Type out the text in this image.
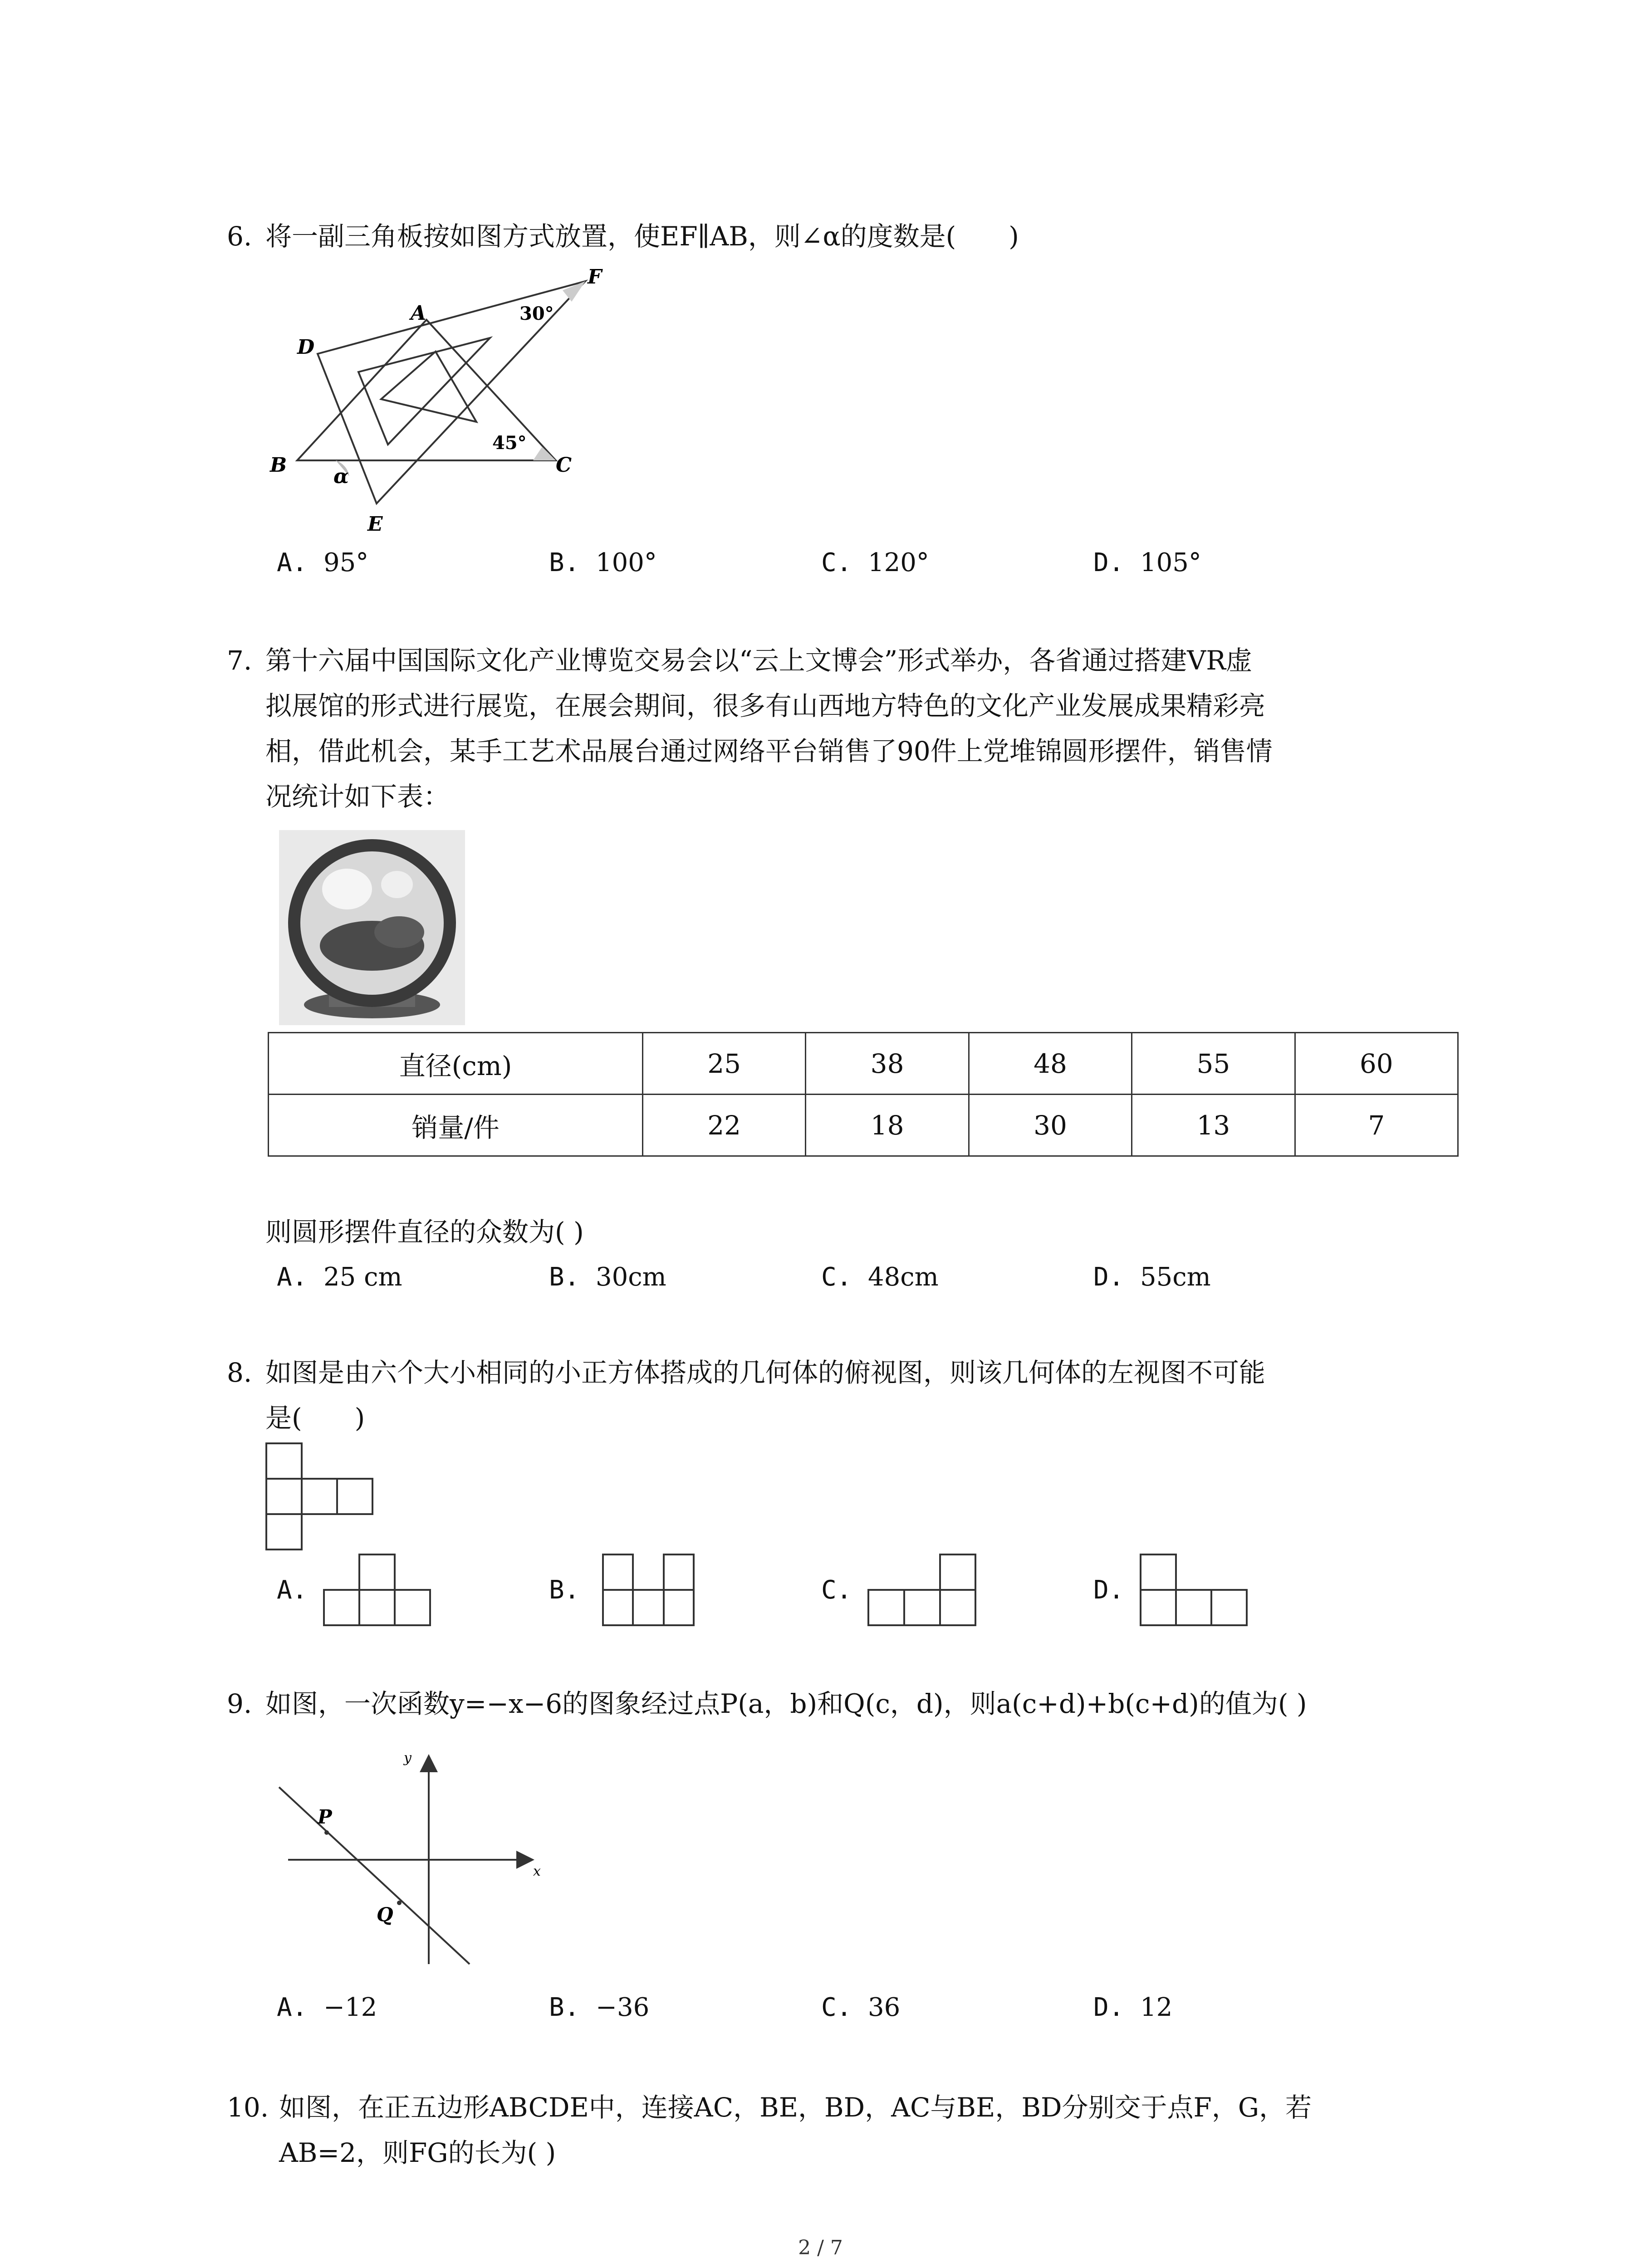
6. 将一副三角板按如图方式放置，使EF∥AB，则∠α的度数是(　　)
A
F
30°
D
45°
B	C
α
E
A. 95°	B. 100°	C. 120°	D. 105°
7. 第十六届中国国际文化产业博览交易会以“云上文博会”形式举办，各省通过搭建VR虚
拟展馆的形式进行展览，在展会期间，很多有山西地方特色的文化产业发展成果精彩亮
相，借此机会，某手工艺术品展台通过网络平台销售了90件上党堆锦圆形摆件，销售情
况统计如下表：
直径(cm)	25	38	48	55	60
销量/件	22	18	30	13	7
则圆形摆件直径的众数为( )
A. 25 cm	B. 30cm	C. 48cm	D. 55cm
8. 如图是由六个大小相同的小正方体搭成的几何体的俯视图，则该几何体的左视图不可能
是(　　)
A.	B.	C.	D.
9. 如图，一次函数y=−x−6的图象经过点P(a，b)和Q(c，d)，则a(c+d)+b(c+d)的值为( )
P
Q
x
y
A. −12	B. −36	C. 36	D. 12
10. 如图，在正五边形ABCDE中，连接AC，BE，BD，AC与BE，BD分别交于点F，G，若
AB=2，则FG的长为( )
2 / 7
